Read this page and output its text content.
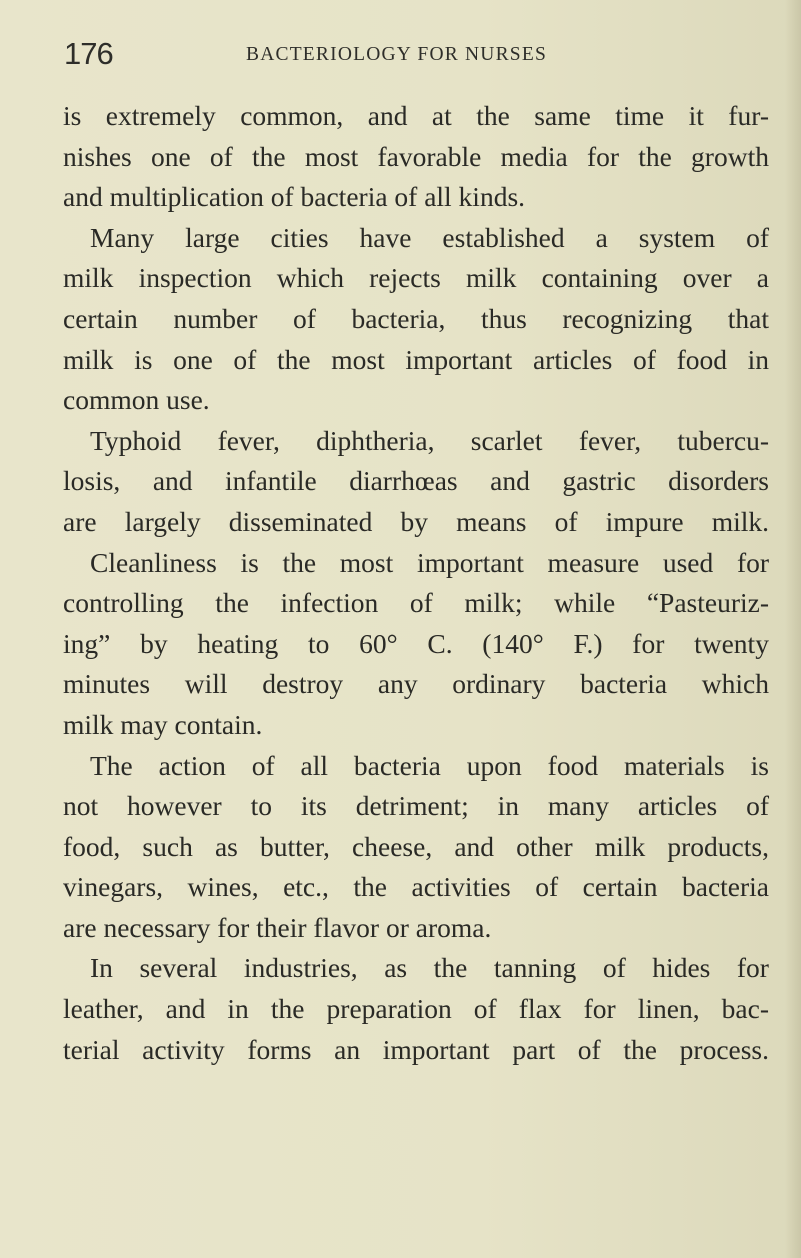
176	BACTERIOLOGY FOR NURSES
is extremely common, and at the same time it fur-
nishes one of the most favorable media for the growth
and multiplication of bacteria of all kinds.
Many large cities have established a system of
milk inspection which rejects milk containing over a
certain number of bacteria, thus recognizing that
milk is one of the most important articles of food in
common use.
Typhoid fever, diphtheria, scarlet fever, tubercu-
losis, and infantile diarrhœas and gastric disorders
are largely disseminated by means of impure milk.
Cleanliness is the most important measure used for
controlling the infection of milk; while “Pasteuriz-
ing” by heating to 60° C. (140° F.) for twenty
minutes will destroy any ordinary bacteria which
milk may contain.
The action of all bacteria upon food materials is
not however to its detriment; in many articles of
food, such as butter, cheese, and other milk products,
vinegars, wines, etc., the activities of certain bacteria
are necessary for their flavor or aroma.
In several industries, as the tanning of hides for
leather, and in the preparation of flax for linen, bac-
terial activity forms an important part of the process.
